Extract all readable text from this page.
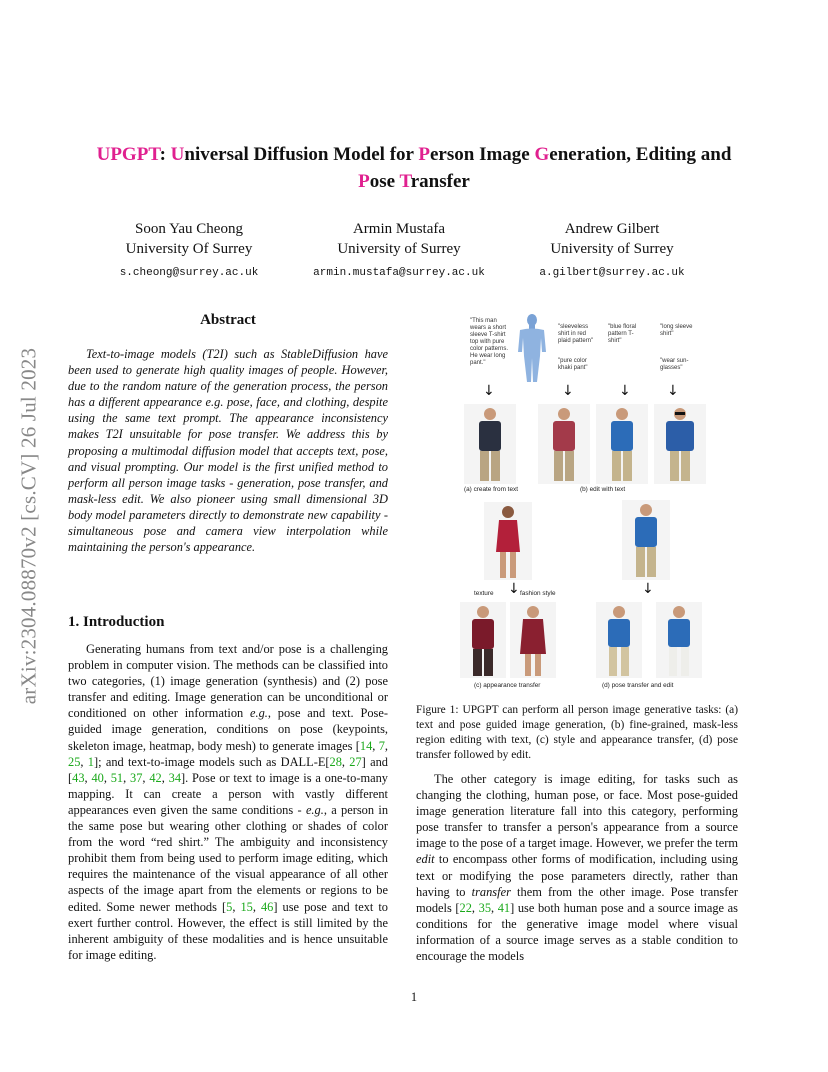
UPGPT: Universal Diffusion Model for Person Image Generation, Editing and
Pose Transfer
Soon Yau Cheong
University Of Surrey
s.cheong@surrey.ac.uk
Armin Mustafa
University of Surrey
armin.mustafa@surrey.ac.uk
Andrew Gilbert
University of Surrey
a.gilbert@surrey.ac.uk
arXiv:2304.08870v2 [cs.CV] 26 Jul 2023
Abstract
Text-to-image models (T2I) such as StableDiffusion have been used to generate high quality images of people. However, due to the random nature of the generation process, the person has a different appearance e.g. pose, face, and clothing, despite using the same text prompt. The appearance inconsistency makes T2I unsuitable for pose transfer. We address this by proposing a multimodal diffusion model that accepts text, pose, and visual prompting. Our model is the first unified method to perform all person image tasks - generation, pose transfer, and mask-less edit. We also pioneer using small dimensional 3D body model parameters directly to demonstrate new capability - simultaneous pose and camera view interpolation while maintaining the person's appearance.
1. Introduction
Generating humans from text and/or pose is a challenging problem in computer vision. The methods can be classified into two categories, (1) image generation (synthesis) and (2) pose transfer and editing. Image generation can be unconditional or conditioned on other information e.g., pose and text. Pose-guided image generation, conditions on pose (keypoints, skeleton image, heatmap, body mesh) to generate images [14, 7, 25, 1]; and text-to-image models such as DALL-E[28, 27] and [43, 40, 51, 37, 42, 34]. Pose or text to image is a one-to-many mapping. It can create a person with vastly different appearances even given the same conditions - e.g., a person in the same pose but wearing other clothing or shades of color from the word “red shirt.” The ambiguity and inconsistency prohibit them from being used to perform image editing, which requires the maintenance of the visual appearance of all other aspects of the image apart from the elements or regions to be edited. Some newer methods [5, 15, 46] use pose and text to exert further control. However, the effect is still limited by the inherent ambiguity of these modalities and is hence unsuitable for image editing.
"This man wears a short sleeve T-shirt top with pure color patterns. He wear long pant."
"sleeveless shirt in red plaid pattern"
"pure color khaki pant"
"blue floral pattern T-shirt"
"long sleeve shirt"
"wear sun-glasses"
↓	↓	↓	↓
(a) create from text	(b) edit with text
texture ↓ fashion style	↓
(c) appearance transfer	(d) pose transfer and edit
Figure 1: UPGPT can perform all person image generative tasks: (a) text and pose guided image generation, (b) fine-grained, mask-less region editing with text, (c) style and appearance transfer, (d) pose transfer followed by edit.
The other category is image editing, for tasks such as changing the clothing, human pose, or face. Most pose-guided image generation literature fall into this category, performing pose transfer to transfer a person's appearance from a source image to the pose of a target image. However, we prefer the term edit to encompass other forms of modification, including using text or modifying the pose parameters directly, rather than having to transfer them from the other image. Pose transfer models [22, 35, 41] use both human pose and a source image as conditions for the generative image model where visual information of a source image serves as a stable condition to encourage the models
1
